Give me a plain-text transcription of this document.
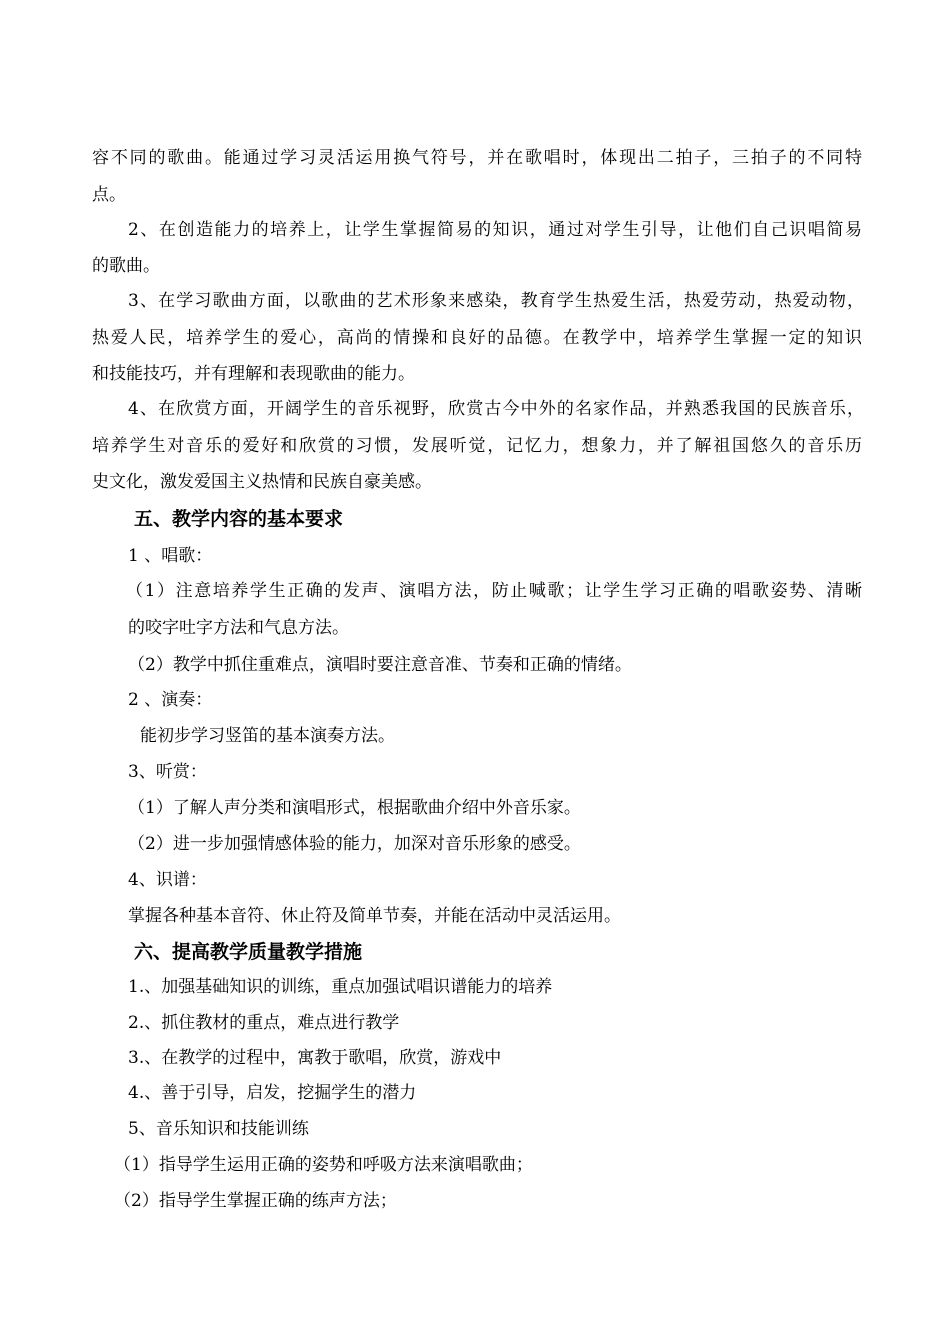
容不同的歌曲。能通过学习灵活运用换气符号，并在歌唱时，体现出二拍子，三拍子的不同特
点。
2、在创造能力的培养上，让学生掌握简易的知识，通过对学生引导，让他们自己识唱简易
的歌曲。
3、在学习歌曲方面，以歌曲的艺术形象来感染，教育学生热爱生活，热爱劳动，热爱动物，
热爱人民，培养学生的爱心，高尚的情操和良好的品德。在教学中，培养学生掌握一定的知识
和技能技巧，并有理解和表现歌曲的能力。
4、在欣赏方面，开阔学生的音乐视野，欣赏古今中外的名家作品，并熟悉我国的民族音乐，
培养学生对音乐的爱好和欣赏的习惯，发展听觉，记忆力，想象力，并了解祖国悠久的音乐历
史文化，激发爱国主义热情和民族自豪美感。
五、教学内容的基本要求
1 、唱歌：
（1）注意培养学生正确的发声、演唱方法，防止喊歌；让学生学习正确的唱歌姿势、清晰
的咬字吐字方法和气息方法。
（2）教学中抓住重难点，演唱时要注意音准、节奏和正确的情绪。
2 、演奏：
能初步学习竖笛的基本演奏方法。
3、听赏：
（1）了解人声分类和演唱形式，根据歌曲介绍中外音乐家。
（2）进一步加强情感体验的能力，加深对音乐形象的感受。
4、识谱：
掌握各种基本音符、休止符及简单节奏，并能在活动中灵活运用。
六、提高教学质量教学措施
1.、加强基础知识的训练，重点加强试唱识谱能力的培养
2.、抓住教材的重点，难点进行教学
3.、在教学的过程中，寓教于歌唱，欣赏，游戏中
4.、善于引导，启发，挖掘学生的潜力
5、音乐知识和技能训练
（1）指导学生运用正确的姿势和呼吸方法来演唱歌曲；
（2）指导学生掌握正确的练声方法；
